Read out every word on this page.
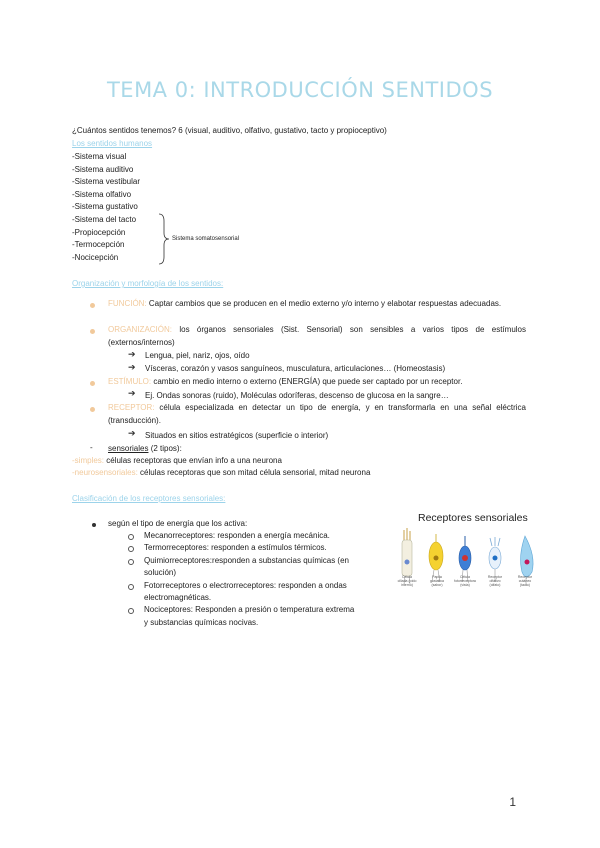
TEMA 0: INTRODUCCIÓN SENTIDOS
¿Cuántos sentidos tenemos? 6 (visual, auditivo, olfativo, gustativo, tacto y propioceptivo)
Los sentidos humanos
-Sistema visual
-Sistema auditivo
-Sistema vestibular
-Sistema olfativo
-Sistema gustativo
-Sistema del tacto
-Propiocepción
-Termocepción
-Nocicepción
Sistema somatosensorial
Organización y morfología de los sentidos:
FUNCIÓN: Captar cambios que se producen en el medio externo y/o interno y elabotar respuestas adecuadas.
ORGANIZACIÓN: los órganos sensoriales (Sist. Sensorial) son sensibles a varios tipos de estímulos (externos/internos)
➔ Lengua, piel, nariz, ojos, oído
➔ Vísceras, corazón y vasos sanguíneos, musculatura, articulaciones… (Homeostasis)
ESTÍMULO: cambio en medio interno o externo (ENERGÍA) que puede ser captado por un receptor.
➔ Ej. Ondas sonoras (ruido), Moléculas odoríferas, descenso de glucosa en la sangre…
RECEPTOR: célula especializada en detectar un tipo de energía, y en transformarla en una señal eléctrica (transducción).
➔ Situados en sitios estratégicos (superficie o interior)
- sensoriales (2 tipos):
-simples: células receptoras que envían info a una neurona
-neurosensoriales: células receptoras que son mitad célula sensorial, mitad neurona
Clasificación de los receptores sensoriales:
según el tipo de energía que los activa:
Mecanorreceptores: responden a energía mecánica.
Termorreceptores: responden a estímulos térmicos.
Quimiorreceptores:responden a substancias químicas (en
solución)
Fotorreceptores o electrorreceptores: responden a ondas
electromagnéticas.
Nociceptores: Responden a presión o temperatura extrema
y substancias químicas nocivas.
Receptores sensoriales
Célula
ciliada (oído
interno)
Papila
gustativa
(sabor)
Célula
fotorreceptora
(vista)
Receptor
olfativo
(olfato)
Receptor
cutáneo
(tacto)
1
